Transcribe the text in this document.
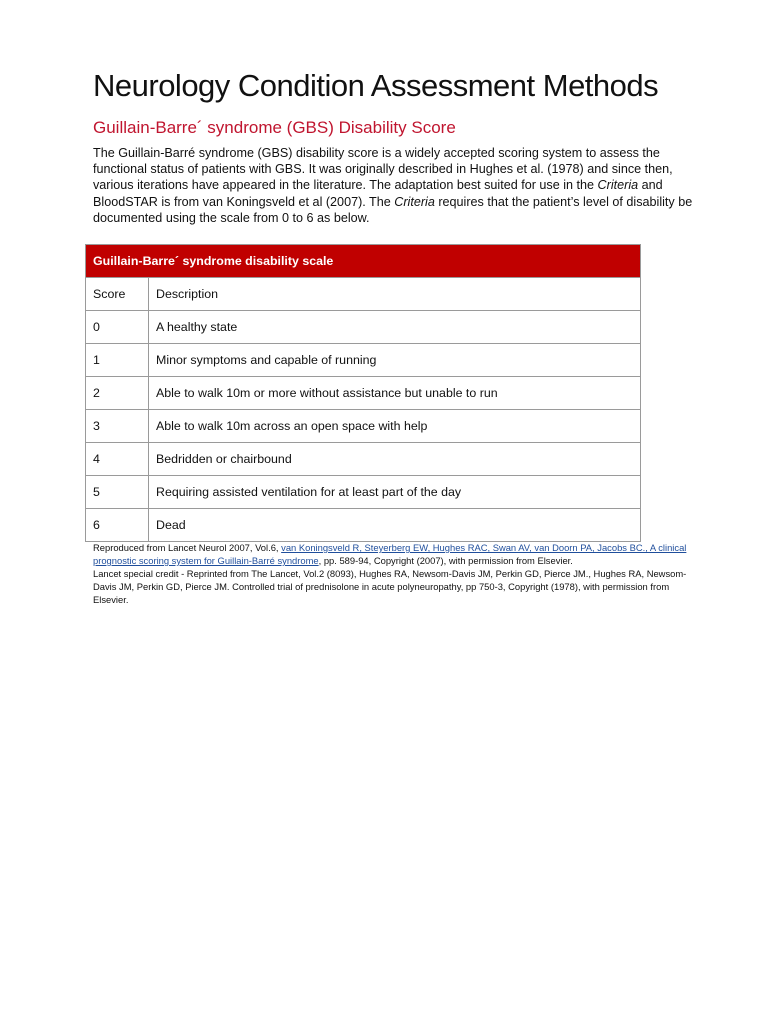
Neurology Condition Assessment Methods
Guillain-Barre´ syndrome (GBS) Disability Score

The Guillain-Barré syndrome (GBS) disability score is a widely accepted scoring system to assess the functional status of patients with GBS. It was originally described in Hughes et al. (1978) and since then, various iterations have appeared in the literature. The adaptation best suited for use in the Criteria and BloodSTAR is from van Koningsveld et al (2007). The Criteria requires that the patient’s level of disability be documented using the scale from 0 to 6 as below.

Guillain-Barre´ syndrome disability scale	
Score	Description
0	A healthy state
1	Minor symptoms and capable of running
2	Able to walk 10m or more without assistance but unable to run
3	Able to walk 10m across an open space with help
4	Bedridden or chairbound
5	Requiring assisted ventilation for at least part of the day
6	Dead
Reproduced from Lancet Neurol 2007, Vol.6, van Koningsveld R, Steyerberg EW, Hughes RAC, Swan AV, van Doorn PA, Jacobs BC., A clinical prognostic scoring system for Guillain-Barré syndrome, pp. 589-94, Copyright (2007), with permission from Elsevier.
Lancet special credit - Reprinted from The Lancet, Vol.2 (8093), Hughes RA, Newsom-Davis JM, Perkin GD, Pierce JM., Hughes RA, Newsom-Davis JM, Perkin GD, Pierce JM. Controlled trial of prednisolone in acute polyneuropathy, pp 750-3, Copyright (1978), with permission from Elsevier.
